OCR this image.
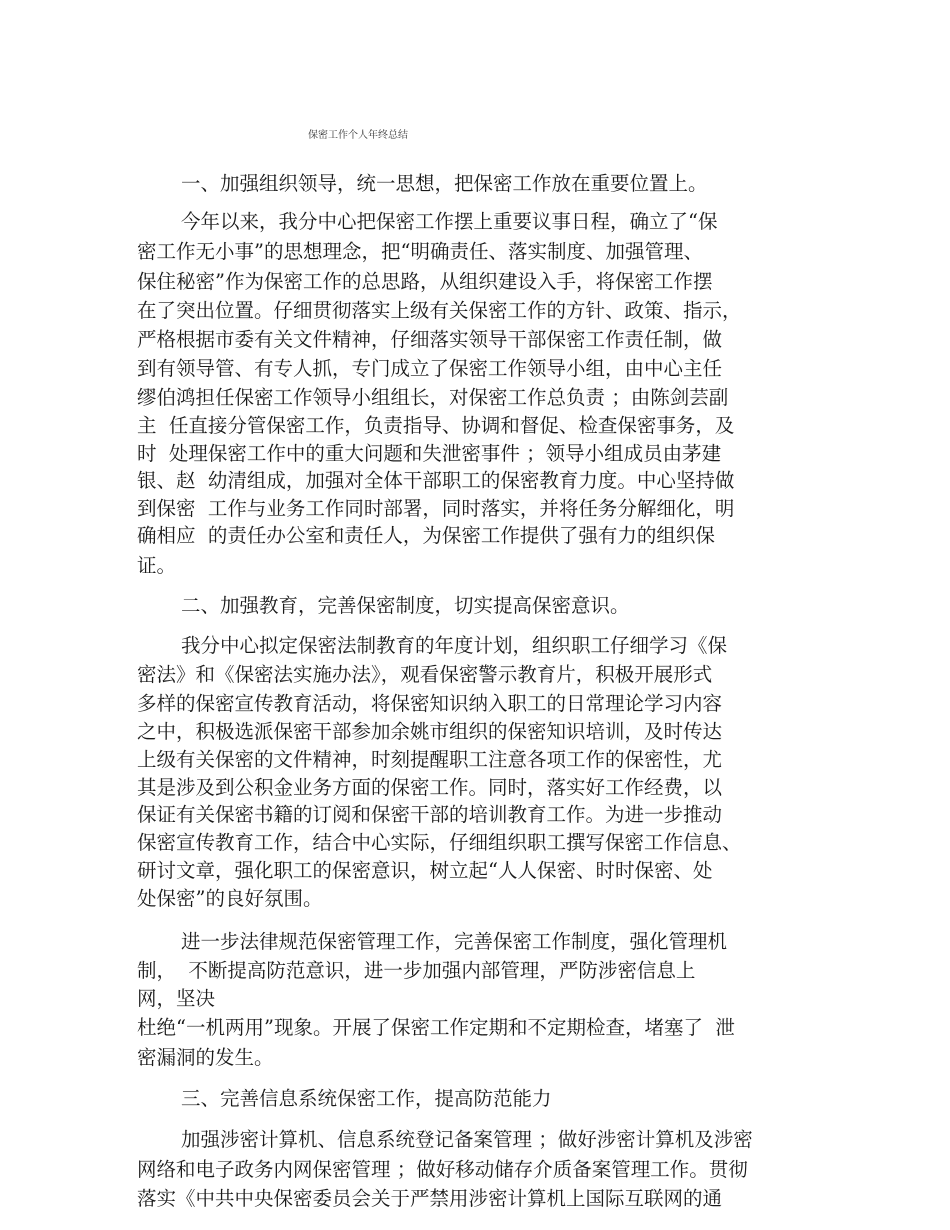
保密工作个人年终总结
一、加强组织领导，统一思想，把保密工作放在重要位置上。
今年以来，我分中心把保密工作摆上重要议事日程，确立了“保
密工作无小事”的思想理念，把“明确责任、落实制度、加强管理、
保住秘密”作为保密工作的总思路，从组织建设入手，将保密工作摆
在了突出位置。仔细贯彻落实上级有关保密工作的方针、政策、指示，
严格根据市委有关文件精神，仔细落实领导干部保密工作责任制，做
到有领导管、有专人抓，专门成立了保密工作领导小组，由中心主任
缪伯鸿担任保密工作领导小组组长，对保密工作总负责 ；由陈剑芸副
主  任直接分管保密工作，负责指导、协调和督促、检查保密事务，及
时  处理保密工作中的重大问题和失泄密事件 ；领导小组成员由茅建
银、赵  幼清组成，加强对全体干部职工的保密教育力度。中心坚持做
到保密  工作与业务工作同时部署，同时落实，并将任务分解细化，明
确相应  的责任办公室和责任人，为保密工作提供了强有力的组织保
证。
二、加强教育，完善保密制度，切实提高保密意识。
我分中心拟定保密法制教育的年度计划，组织职工仔细学习《保
密法》和《保密法实施办法》，观看保密警示教育片，积极开展形式
多样的保密宣传教育活动，将保密知识纳入职工的日常理论学习内容
之中，积极选派保密干部参加余姚市组织的保密知识培训，及时传达
上级有关保密的文件精神，时刻提醒职工注意各项工作的保密性，尤
其是涉及到公积金业务方面的保密工作。同时，落实好工作经费，以
保证有关保密书籍的订阅和保密干部的培训教育工作。为进一步推动
保密宣传教育工作，结合中心实际，仔细组织职工撰写保密工作信息、
研讨文章，强化职工的保密意识，树立起“人人保密、时时保密、处
处保密”的良好氛围。
进一步法律规范保密管理工作，完善保密工作制度，强化管理机
制，  不断提高防范意识，进一步加强内部管理，严防涉密信息上
网，坚决
杜绝“一机两用”现象。开展了保密工作定期和不定期检查，堵塞了  泄
密漏洞的发生。
三、完善信息系统保密工作，提高防范能力
加强涉密计算机、信息系统登记备案管理 ；做好涉密计算机及涉密
网络和电子政务内网保密管理 ；做好移动储存介质备案管理工作。贯彻
落实《中共中央保密委员会关于严禁用涉密计算机上国际互联网的通
